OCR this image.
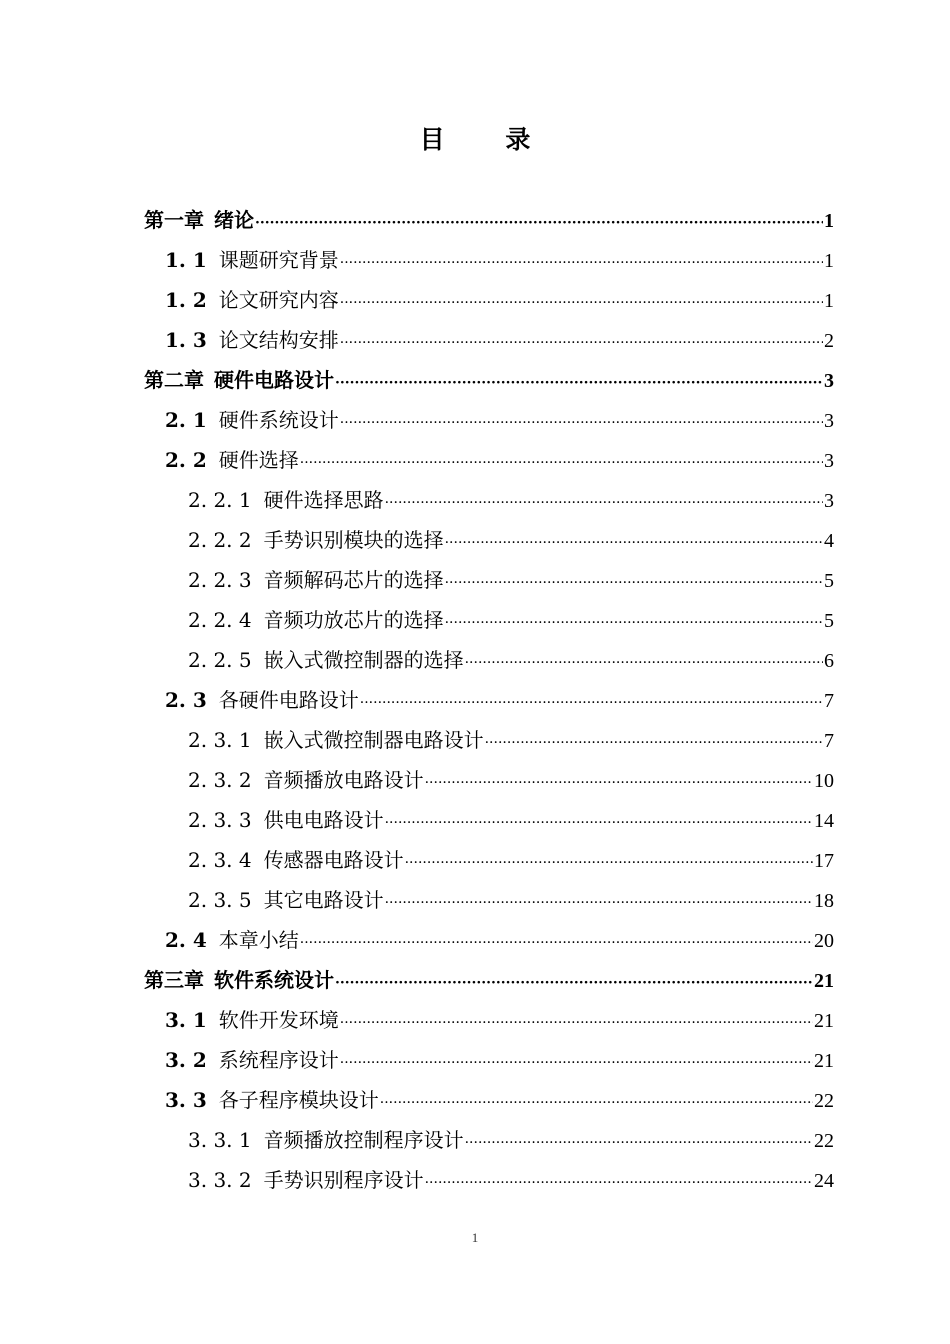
目 录
第一章 绪论 ·····	1
1. 1 课题研究背景 ·····	1
1. 2 论文研究内容 ·····	1
1. 3 论文结构安排 ·····	2
第二章 硬件电路设计 ·····	3
2. 1 硬件系统设计 ·····	3
2. 2 硬件选择 ·····	3
2. 2. 1 硬件选择思路 ·····	3
2. 2. 2 手势识别模块的选择 ·····	4
2. 2. 3 音频解码芯片的选择 ·····	5
2. 2. 4 音频功放芯片的选择 ·····	5
2. 2. 5 嵌入式微控制器的选择 ·····	6
2. 3 各硬件电路设计 ·····	7
2. 3. 1 嵌入式微控制器电路设计 ·····	7
2. 3. 2 音频播放电路设计 ·····	10
2. 3. 3 供电电路设计 ·····	14
2. 3. 4 传感器电路设计 ·····	17
2. 3. 5 其它电路设计 ·····	18
2. 4 本章小结 ·····	20
第三章 软件系统设计 ·····	21
3. 1 软件开发环境 ·····	21
3. 2 系统程序设计 ·····	21
3. 3 各子程序模块设计 ·····	22
3. 3. 1 音频播放控制程序设计 ·····	22
3. 3. 2 手势识别程序设计 ·····	24
1
